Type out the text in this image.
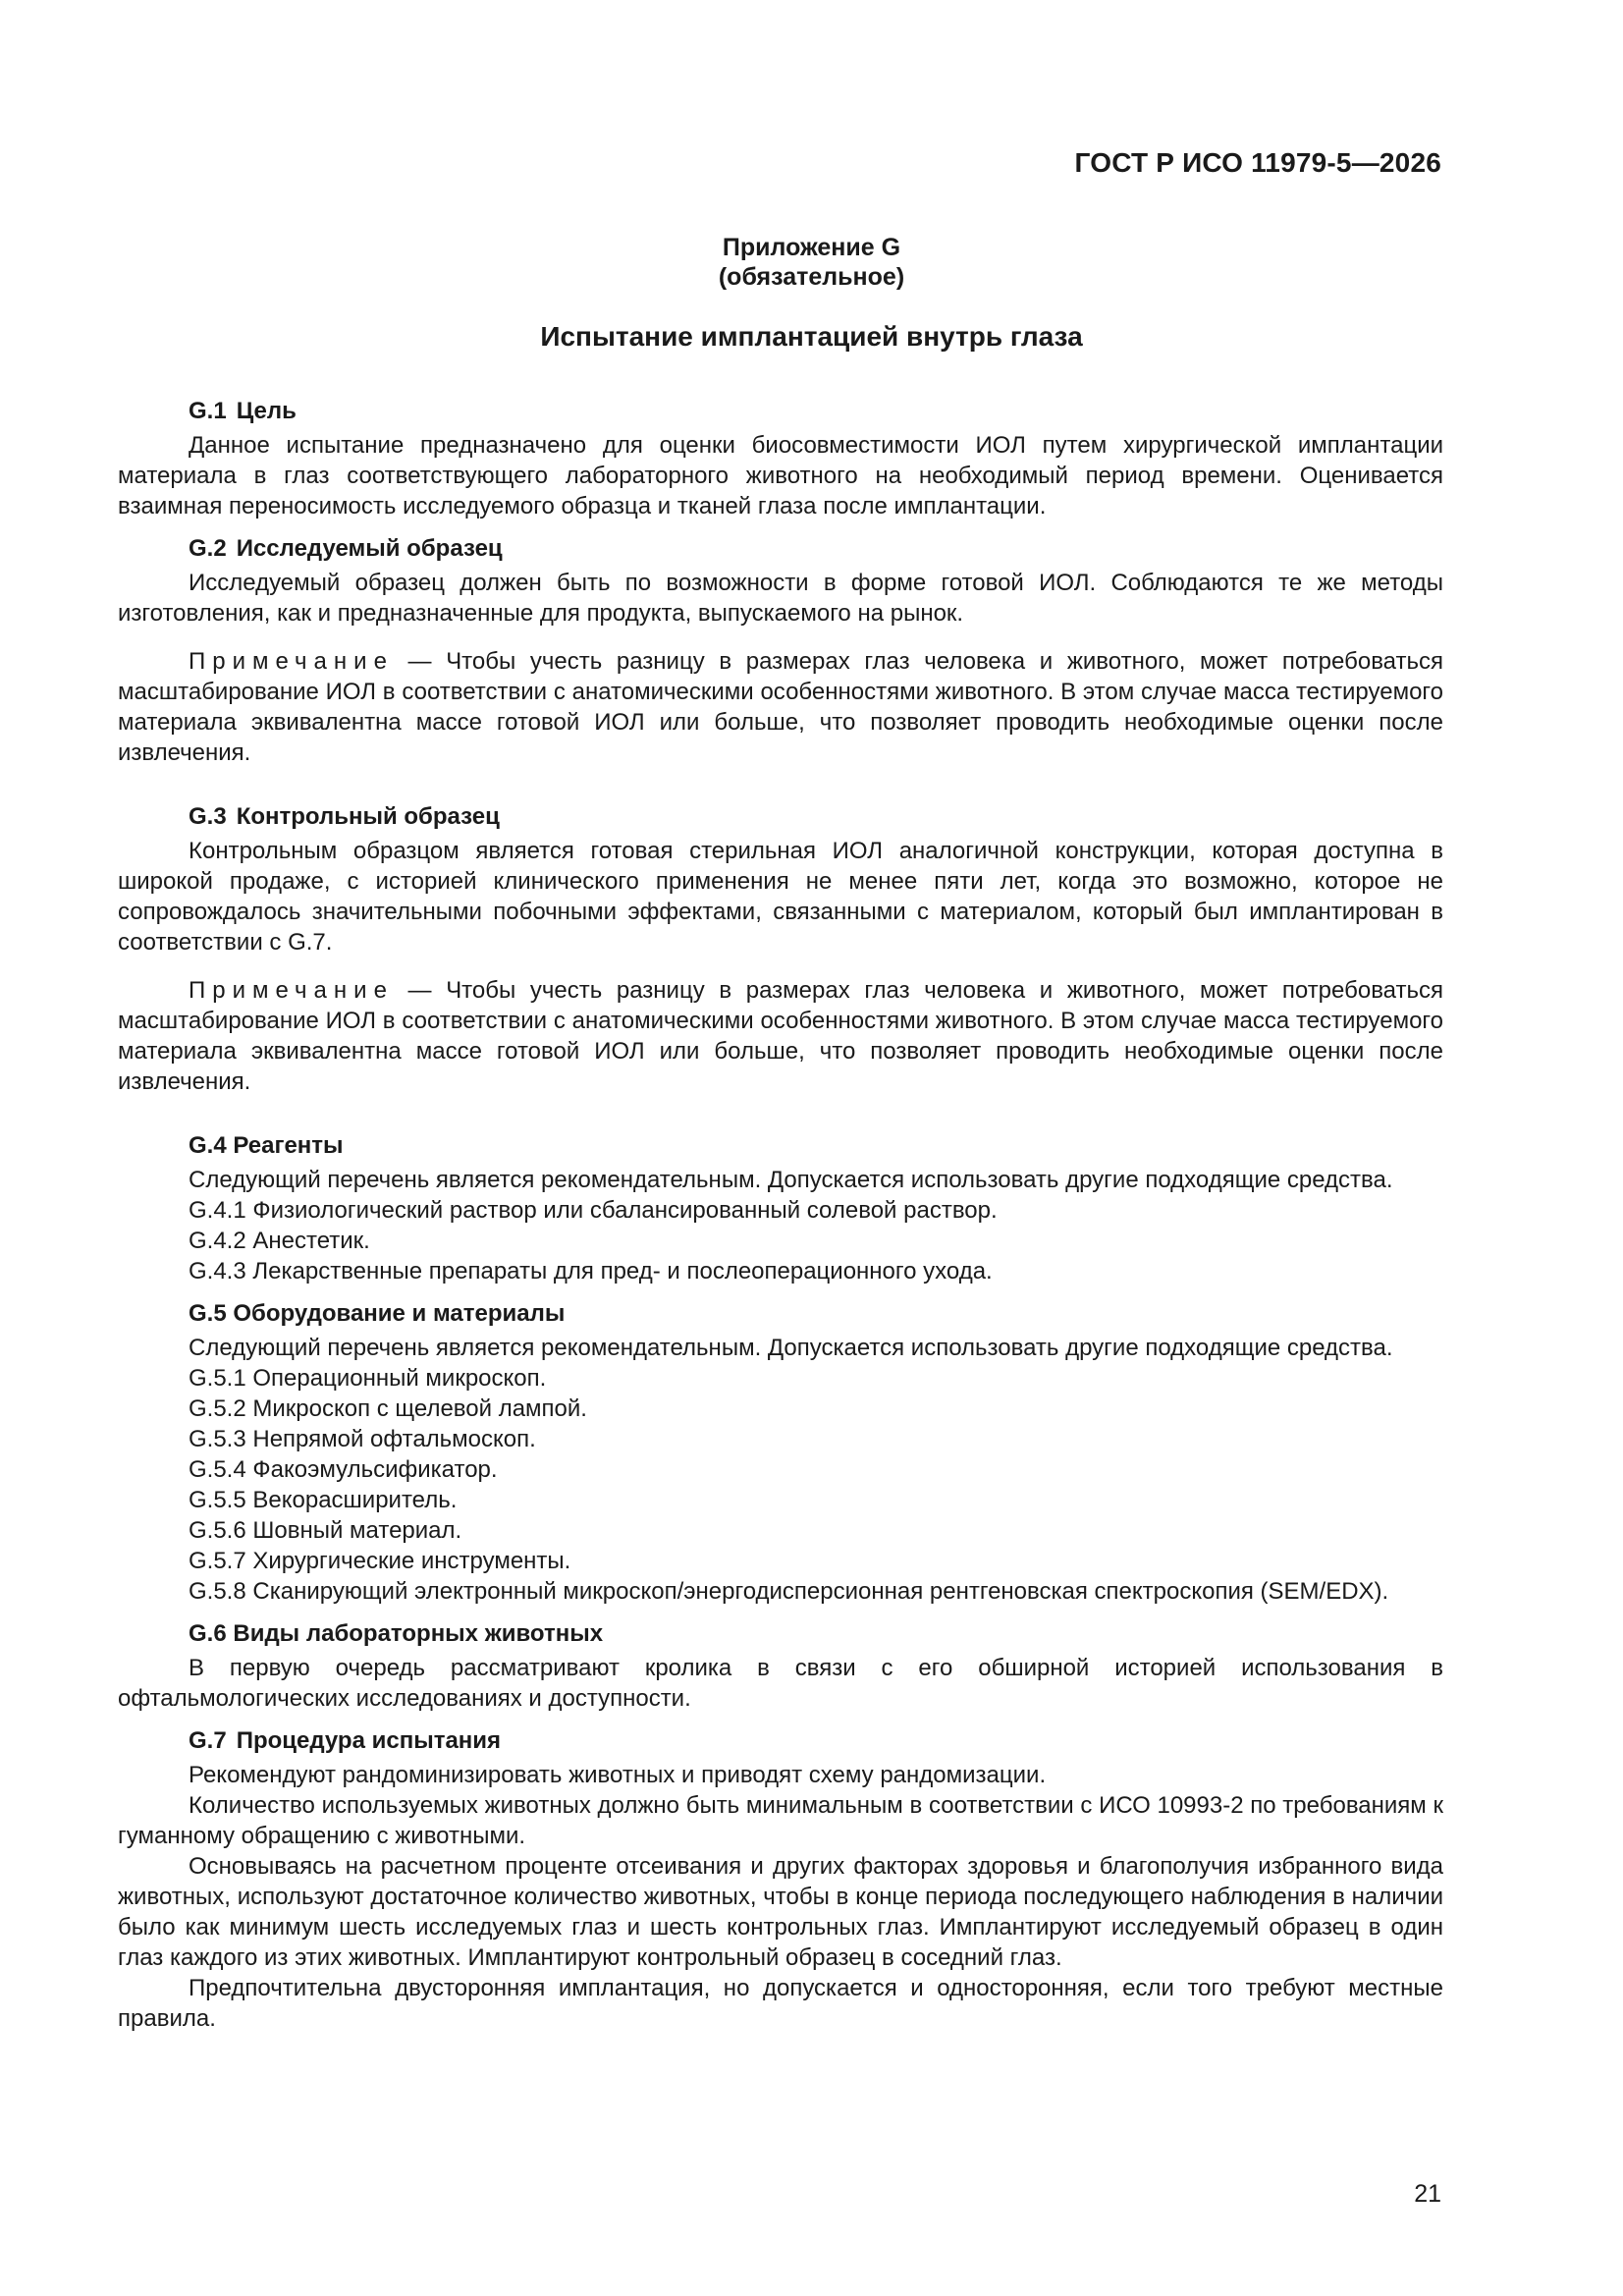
ГОСТ Р ИСО 11979-5—2026
Приложение G
(обязательное)
Испытание имплантацией внутрь глаза
G.1 Цель

Данное испытание предназначено для оценки биосовместимости ИОЛ путем хирургической имплантации материала в глаз соответствующего лабораторного животного на необходимый период времени. Оценивается взаимная переносимость исследуемого образца и тканей глаза после имплантации.

G.2 Исследуемый образец

Исследуемый образец должен быть по возможности в форме готовой ИОЛ. Соблюдаются те же методы изготовления, как и предназначенные для продукта, выпускаемого на рынок.

Примечание — Чтобы учесть разницу в размерах глаз человека и животного, может потребоваться масштабирование ИОЛ в соответствии с анатомическими особенностями животного. В этом случае масса тестируемого материала эквивалентна массе готовой ИОЛ или больше, что позволяет проводить необходимые оценки после извлечения.

G.3 Контрольный образец

Контрольным образцом является готовая стерильная ИОЛ аналогичной конструкции, которая доступна в широкой продаже, с историей клинического применения не менее пяти лет, когда это возможно, которое не сопровождалось значительными побочными эффектами, связанными с материалом, который был имплантирован в соответствии с G.7.

Примечание — Чтобы учесть разницу в размерах глаз человека и животного, может потребоваться масштабирование ИОЛ в соответствии с анатомическими особенностями животного. В этом случае масса тестируемого материала эквивалентна массе готовой ИОЛ или больше, что позволяет проводить необходимые оценки после извлечения.

G.4 Реагенты
Следующий перечень является рекомендательным. Допускается использовать другие подходящие средства.
G.4.1 Физиологический раствор или сбалансированный солевой раствор.
G.4.2 Анестетик.
G.4.3 Лекарственные препараты для пред- и послеоперационного ухода.
G.5 Оборудование и материалы
Следующий перечень является рекомендательным. Допускается использовать другие подходящие средства.
G.5.1 Операционный микроскоп.
G.5.2 Микроскоп с щелевой лампой.
G.5.3 Непрямой офтальмоскоп.
G.5.4 Факоэмульсификатор.
G.5.5 Векорасширитель.
G.5.6 Шовный материал.
G.5.7 Хирургические инструменты.
G.5.8 Сканирующий электронный микроскоп/энергодисперсионная рентгеновская спектроскопия (SEM/EDX).
G.6 Виды лабораторных животных

В первую очередь рассматривают кролика в связи с его обширной историей использования в офтальмологических исследованиях и доступности.

G.7 Процедура испытания

Рекомендуют рандоминизировать животных и приводят схему рандомизации.

Количество используемых животных должно быть минимальным в соответствии с ИСО 10993-2 по требованиям к гуманному обращению с животными.

Основываясь на расчетном проценте отсеивания и других факторах здоровья и благополучия избранного вида животных, используют достаточное количество животных, чтобы в конце периода последующего наблюдения в наличии было как минимум шесть исследуемых глаз и шесть контрольных глаз. Имплантируют исследуемый образец в один глаз каждого из этих животных. Имплантируют контрольный образец в соседний глаз.

Предпочтительна двусторонняя имплантация, но допускается и односторонняя, если того требуют местные правила.

21
